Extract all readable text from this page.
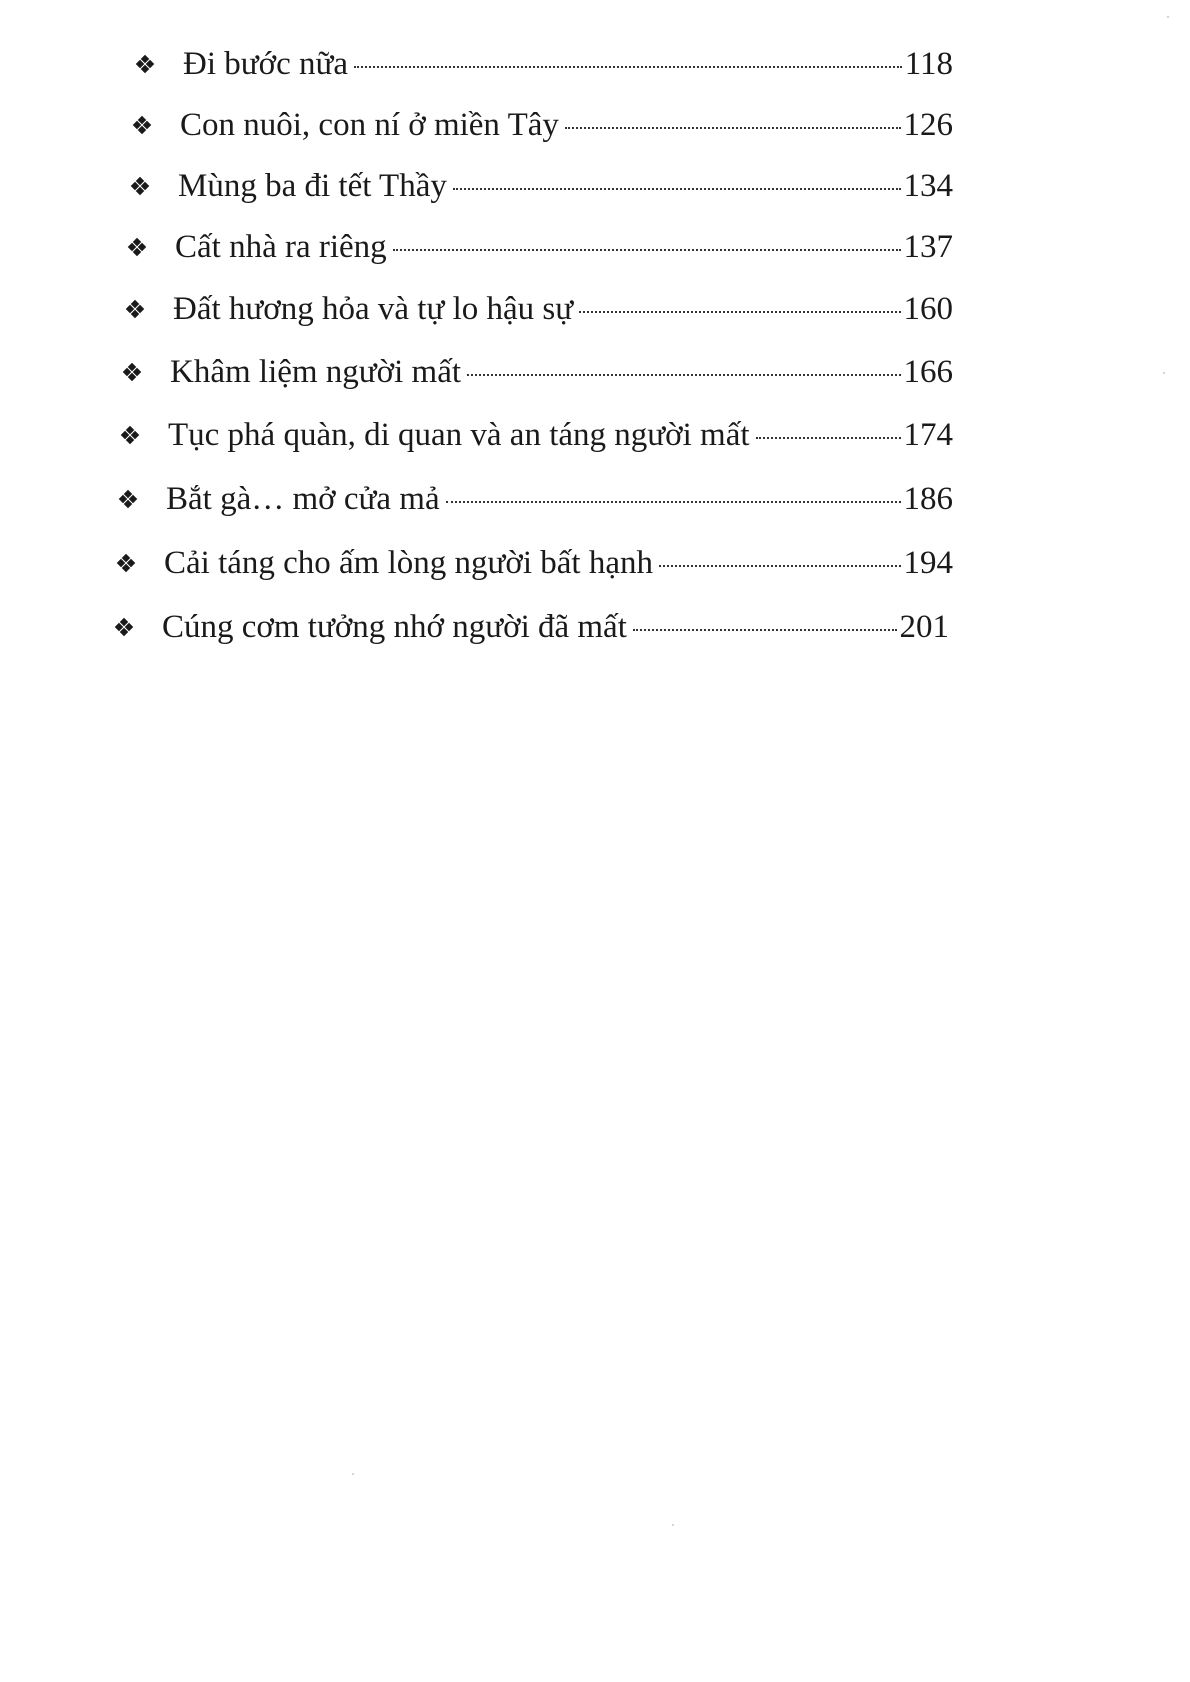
Đi bước nữa	118
Con nuôi, con ní ở miền Tây	126
Mùng ba đi tết Thầy	134
Cất nhà ra riêng	137
Đất hương hỏa và tự lo hậu sự	160
Khâm liệm người mất	166
Tục phá quàn, di quan và an táng người mất	174
Bắt gà… mở cửa mả	186
Cải táng cho ấm lòng người bất hạnh	194
Cúng cơm tưởng nhớ người đã mất	201
